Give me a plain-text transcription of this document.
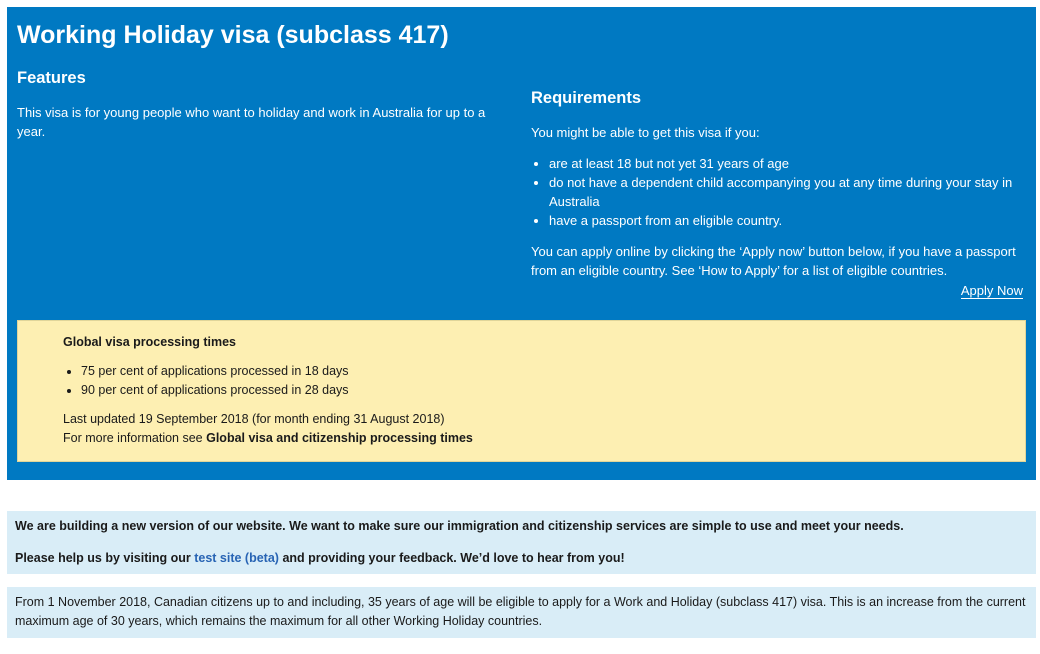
Working Holiday visa (subclass 417)
Features

This visa is for young people who want to holiday and work in Australia for up to a year.

Requirements

You might be able to get this visa if you:

• are at least 18 but not yet 31 years of age
• do not have a dependent child accompanying you at any time during your stay in Australia
• have a passport from an eligible country.

You can apply online by clicking the ‘Apply now’ button below, if you have a passport from an eligible country. See ‘How to Apply’ for a list of eligible countries.

Apply Now
Global visa processing times
• 75 per cent of applications processed in 18 days
• 90 per cent of applications processed in 28 days

Last updated 19 September 2018 (for month ending 31 August 2018)

For more information see Global visa and citizenship processing times

We are building a new version of our website. We want to make sure our immigration and citizenship services are simple to use and meet your needs.

Please help us by visiting our test site (beta) and providing your feedback. We’d love to hear from you!

From 1 November 2018, Canadian citizens up to and including, 35 years of age will be eligible to apply for a Work and Holiday (subclass 417) visa. This is an increase from the current maximum age of 30 years, which remains the maximum for all other Working Holiday countries.
